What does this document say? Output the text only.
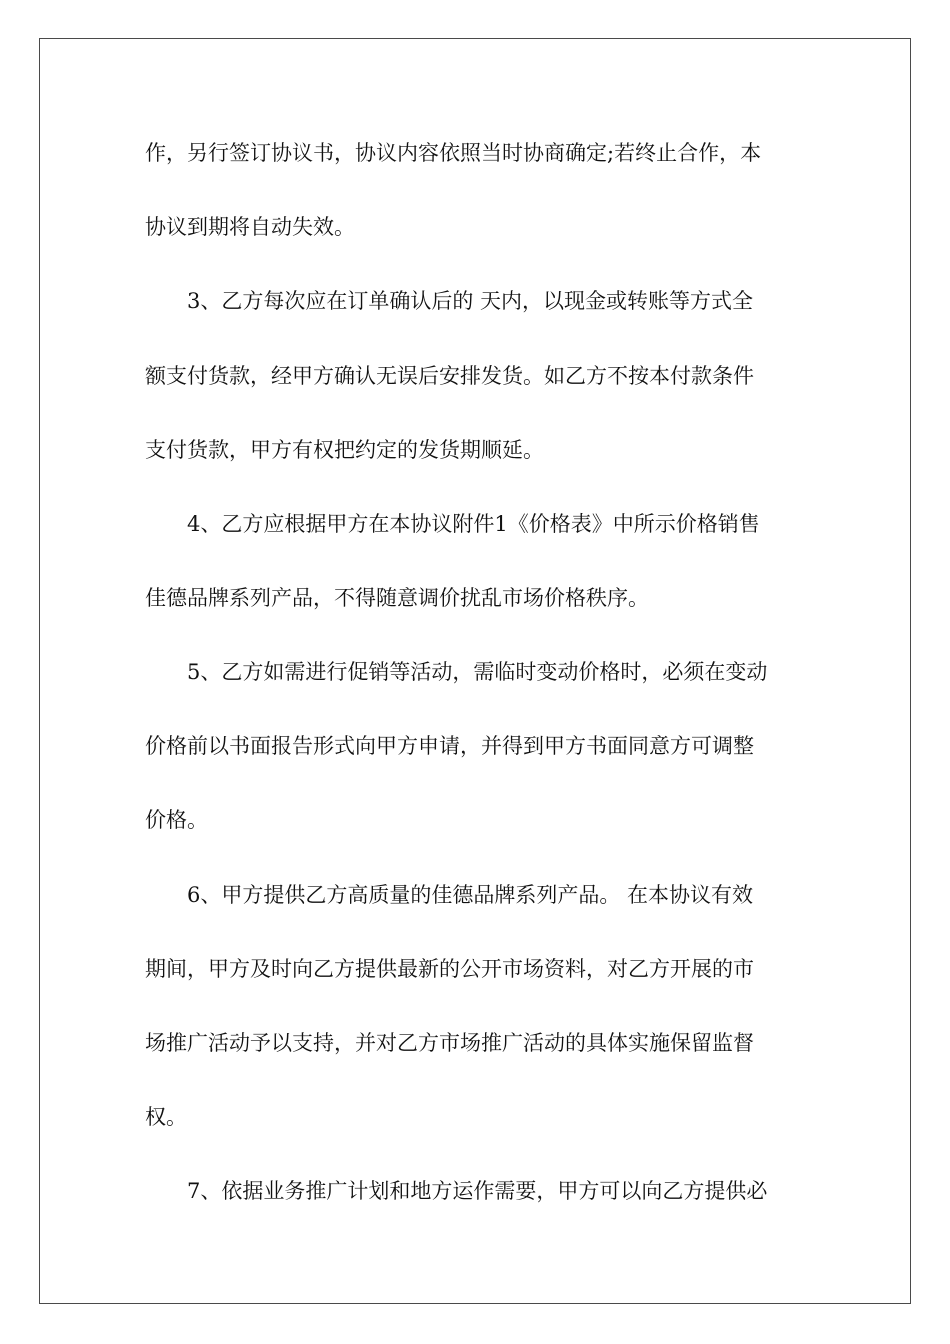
作，另行签订协议书，协议内容依照当时协商确定;若终止合作，本
协议到期将自动失效。
3、乙方每次应在订单确认后的 天内，以现金或转账等方式全
额支付货款，经甲方确认无误后安排发货。如乙方不按本付款条件
支付货款，甲方有权把约定的发货期顺延。
4、乙方应根据甲方在本协议附件1《价格表》中所示价格销售
佳德品牌系列产品，不得随意调价扰乱市场价格秩序。
5、乙方如需进行促销等活动，需临时变动价格时，必须在变动
价格前以书面报告形式向甲方申请，并得到甲方书面同意方可调整
价格。
6、甲方提供乙方高质量的佳德品牌系列产品。 在本协议有效
期间，甲方及时向乙方提供最新的公开市场资料，对乙方开展的市
场推广活动予以支持，并对乙方市场推广活动的具体实施保留监督
权。
7、依据业务推广计划和地方运作需要，甲方可以向乙方提供必
